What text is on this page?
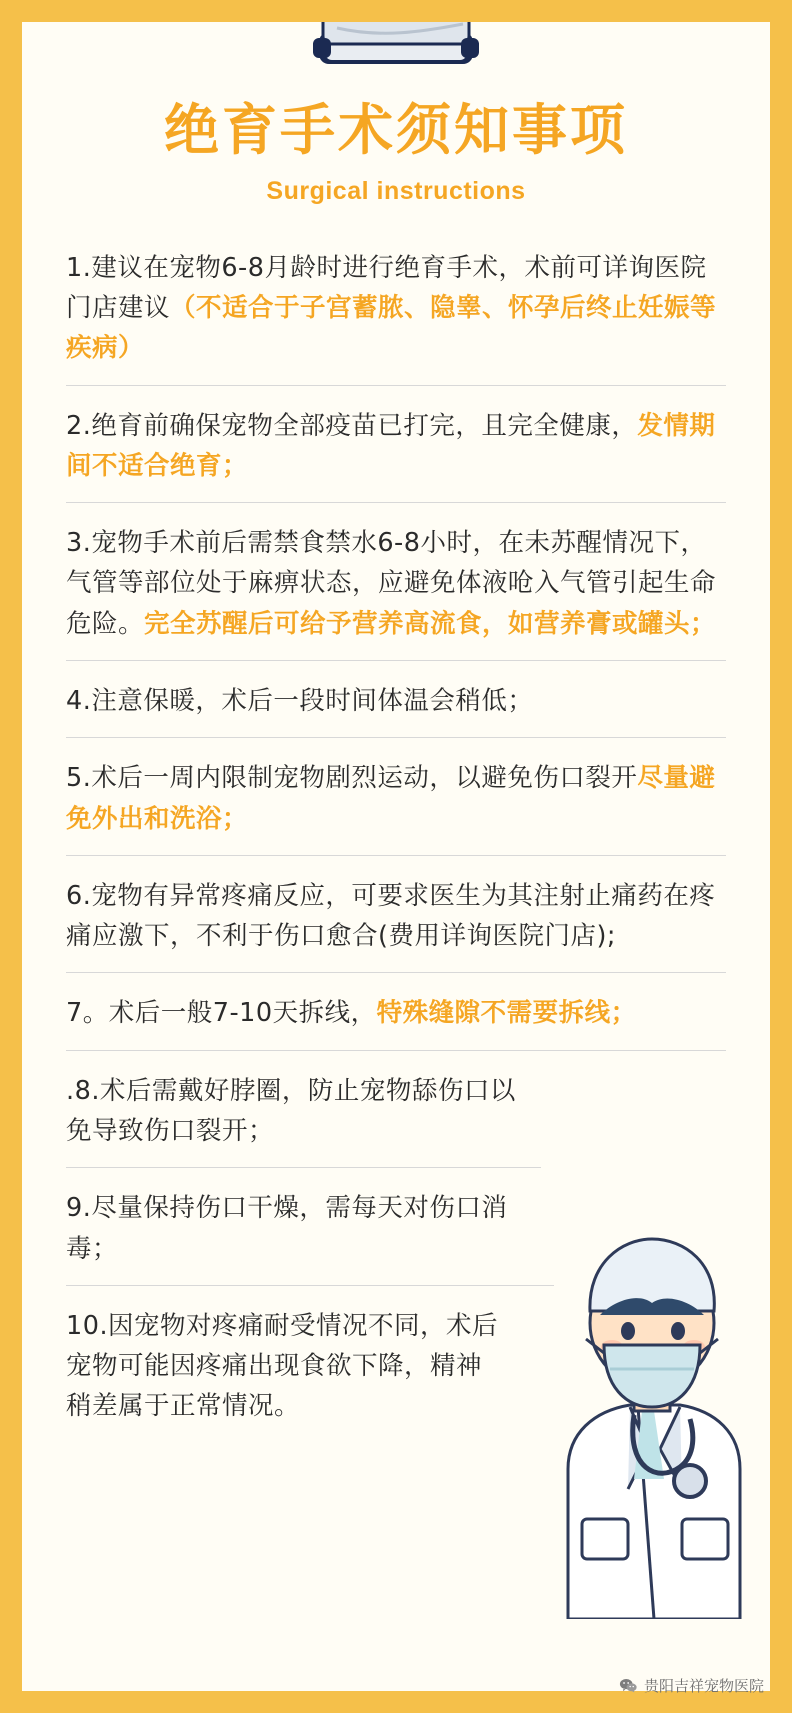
绝育手术须知事项
Surgical instructions
1.建议在宠物6-8月龄时进行绝育手术，术前可详询医院门店建议（不适合于子宫蓄脓、隐睾、怀孕后终止妊娠等疾病）
2.绝育前确保宠物全部疫苗已打完，且完全健康，发情期间不适合绝育；
3.宠物手术前后需禁食禁水6-8小时，在未苏醒情况下，气管等部位处于麻痹状态，应避免体液呛入气管引起生命危险。完全苏醒后可给予营养高流食，如营养膏或罐头；
4.注意保暖，术后一段时间体温会稍低；
5.术后一周内限制宠物剧烈运动，以避免伤口裂开尽量避免外出和洗浴；
6.宠物有异常疼痛反应，可要求医生为其注射止痛药在疼痛应激下，不利于伤口愈合(费用详询医院门店);
7。术后一般7-10天拆线，特殊缝隙不需要拆线；
.8.术后需戴好脖圈，防止宠物舔伤口以免导致伤口裂开；
9.尽量保持伤口干燥，需每天对伤口消毒；
10.因宠物对疼痛耐受情况不同，术后宠物可能因疼痛出现食欲下降，精神稍差属于正常情况。
贵阳吉祥宠物医院
